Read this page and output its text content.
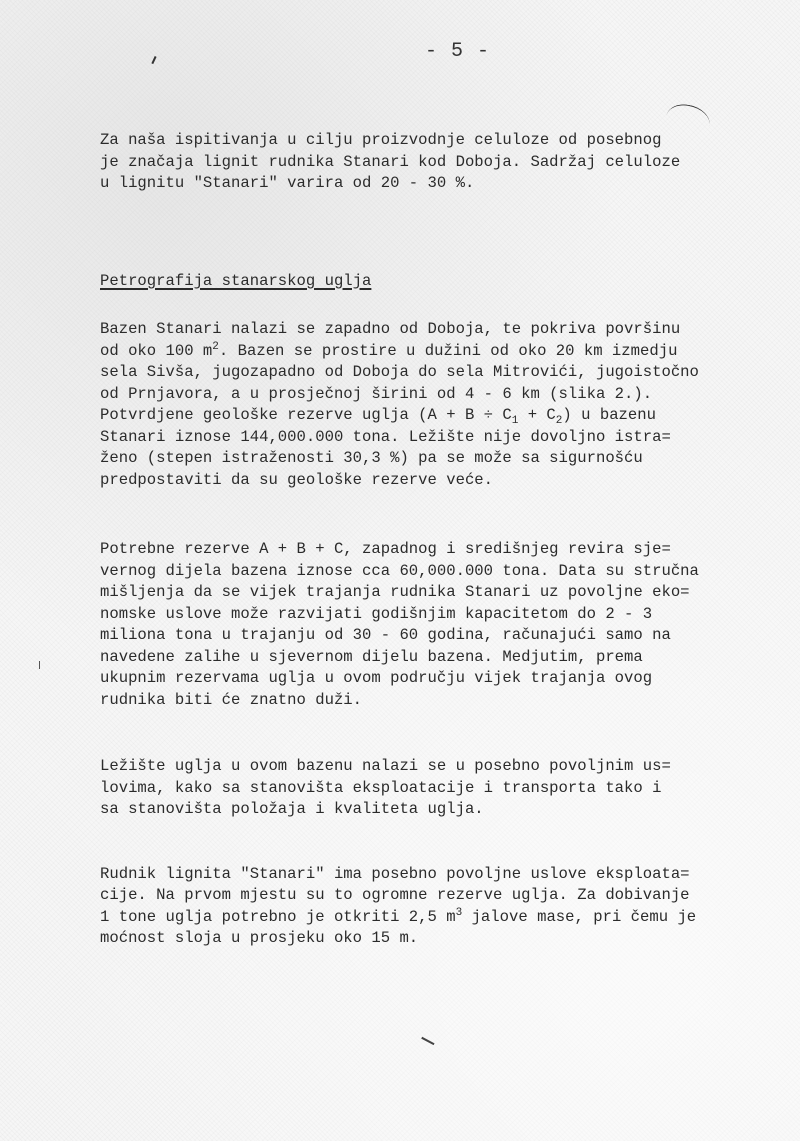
- 5 -
Za naša ispitivanja u cilju proizvodnje celuloze od posebnog
je značaja lignit rudnika Stanari kod Doboja. Sadržaj celuloze
u lignitu "Stanari" varira od 20 - 30 %.
Petrografija stanarskog uglja
Bazen Stanari nalazi se zapadno od Doboja, te pokriva površinu
od oko 100 $m^2$. Bazen se prostire u dužini od oko 20 km izmedju
sela Sivša, jugozapadno od Doboja do sela Mitrovići, jugoistočno
od Prnjavora, a u prosječnoj širini od 4 - 6 km (slika 2.).
Potvrdjene geološke rezerve uglja $(A + B \div C_1 + C_2)$ u bazenu
Stanari iznose 144,000.000 tona. Ležište nije dovoljno istra=
ženo (stepen istraženosti 30,3 %) pa se može sa sigurnošću
predpostaviti da su geološke rezerve veće.
Potrebne rezerve A + B + C, zapadnog i središnjeg revira sje=
vernog dijela bazena iznose cca 60,000.000 tona. Data su stručna
mišljenja da se vijek trajanja rudnika Stanari uz povoljne eko=
nomske uslove može razvijati godišnjim kapacitetom do 2 - 3
miliona tona u trajanju od 30 - 60 godina, računajući samo na
navedene zalihe u sjevernom dijelu bazena. Medjutim, prema
ukupnim rezervama uglja u ovom području vijek trajanja ovog
rudnika biti će znatno duži.
Ležište uglja u ovom bazenu nalazi se u posebno povoljnim us=
lovima, kako sa stanovišta eksploatacije i transporta tako i
sa stanovišta položaja i kvaliteta uglja.
Rudnik lignita "Stanari" ima posebno povoljne uslove eksploata=
cije. Na prvom mjestu su to ogromne rezerve uglja. Za dobivanje
1 tone uglja potrebno je otkriti 2,5 $m^3$ jalove mase, pri čemu je
moćnost sloja u prosjeku oko 15 m.
